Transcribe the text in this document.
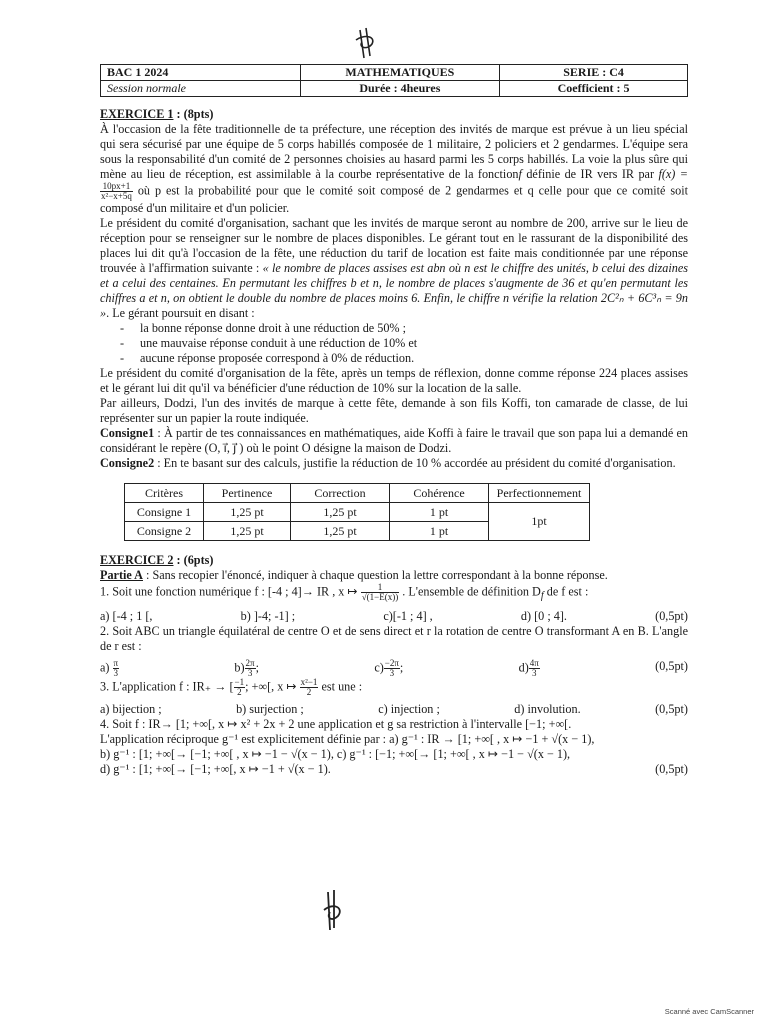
BAC 1 2024	MATHEMATIQUES	SERIE : C4
Session normale	Durée : 4heures	Coefficient : 5

EXERCICE 1 : (8pts)

À l'occasion de la fête traditionnelle de ta préfecture, une réception des invités de marque est prévue à un lieu spécial qui sera sécurisé par une équipe de 5 corps habillés composée de 1 militaire, 2 policiers et 2 gendarmes. L'équipe sera sous la responsabilité d'un comité de 2 personnes choisies au hasard parmi les 5 corps habillés. La voie la plus sûre qui mène au lieu de réception, est assimilable à la courbe représentative de la fonctionf définie de IR vers IR par f(x) =
$\frac{10px+1}{\text{x²−x+5q}}$ où p est la probabilité pour que le comité soit composé de 2 gendarmes et q celle pour que ce comité soit composé d'un militaire et d'un policier.

Le président du comité d'organisation, sachant que les invités de marque seront au nombre de 200, arrive sur le lieu de réception pour se renseigner sur le nombre de places disponibles. Le gérant tout en le rassurant de la disponibilité des places lui dit qu'à l'occasion de la fête, une réduction du tarif de location est faite mais conditionnée par une réponse trouvée à l'affirmation suivante : « le nombre de places assises est abn où n est le chiffre des unités, b celui des dizaines et a celui des centaines. En permutant les chiffres b et n, le nombre de places s'augmente de 36 et qu'en permutant les chiffres a et n, on obtient le double du nombre de places moins 6. Enfin, le chiffre n vérifie la relation 2C²ₙ + 6C³ₙ = 9n ». Le gérant poursuit en disant :

- la bonne réponse donne droit à une réduction de 50% ;
- une mauvaise réponse conduit à une réduction de 10% et
- aucune réponse proposée correspond à 0% de réduction.

Le président du comité d'organisation de la fête, après un temps de réflexion, donne comme réponse 224 places assises et le gérant lui dit qu'il va bénéficier d'une réduction de 10% sur la location de la salle.

Par ailleurs, Dodzi, l'un des invités de marque à cette fête, demande à son fils Koffi, ton camarade de classe, de lui représenter sur un papier la route indiquée.

Consigne1 : À partir de tes connaissances en mathématiques, aide Koffi à faire le travail que son papa lui a demandé en considérant le repère (O, i⃗, j⃗ ) où le point O désigne la maison de Dodzi.

Consigne2 : En te basant sur des calculs, justifie la réduction de 10 % accordée au président du comité d'organisation.

Critères	Pertinence	Correction	Cohérence	Perfectionnement
Consigne 1	1,25 pt	1,25 pt	1 pt	1pt
Consigne 2	1,25 pt	1,25 pt	1 pt	

EXERCICE 2 : (6pts)

Partie A : Sans recopier l'énoncé, indiquer à chaque question la lettre correspondant à la bonne réponse.

1. Soit une fonction numérique f : [-4 ; 4]→ IR , x ↦ $\frac{1}{√(1-E(x))}$ . L'ensemble de définition $D_f$ de f est :

a) [-4 ; 1 [,	b) ]-4; -1] ;	c)[-1 ; 4] ,	d) [0 ; 4].	(0,5pt)

2. Soit ABC un triangle équilatéral de centre O et de sens direct et r la rotation de centre O transformant A en B. L'angle de r est :

$a) \frac{\pi}{3}$	$b) \frac{2\pi}{3}$ ;	$c) \frac{-2\pi}{3}$ ;	$d) \frac{4\pi}{3}$	(0,5pt)

3. L'application f : IR₊ → [ $\frac{-1}{2}$ ; +∞[, x ↦ $\frac{\text{x²−1}}{2}$ est une :

a) bijection ;	b) surjection ;	c) injection ;	d) involution.	(0,5pt)

4. Soit f : IR→ [1; +∞[, x ↦ x² + 2x + 2 une application et g sa restriction à l'intervalle [−1; +∞[.

L'application réciproque g⁻¹ est explicitement définie par : a) g⁻¹ : IR → [1; +∞[ , x ↦ −1 + √(x − 1),

b) g⁻¹ : [1; +∞[→ [−1; +∞[ , x ↦ −1 − √(x − 1), c) g⁻¹ : [−1; +∞[→ [1; +∞[ , x ↦ −1 − √(x − 1),

d) g⁻¹ : [1; +∞[→ [−1; +∞[, x ↦ −1 + √(x − 1).	(0,5pt)
Scanné avec CamScanner
